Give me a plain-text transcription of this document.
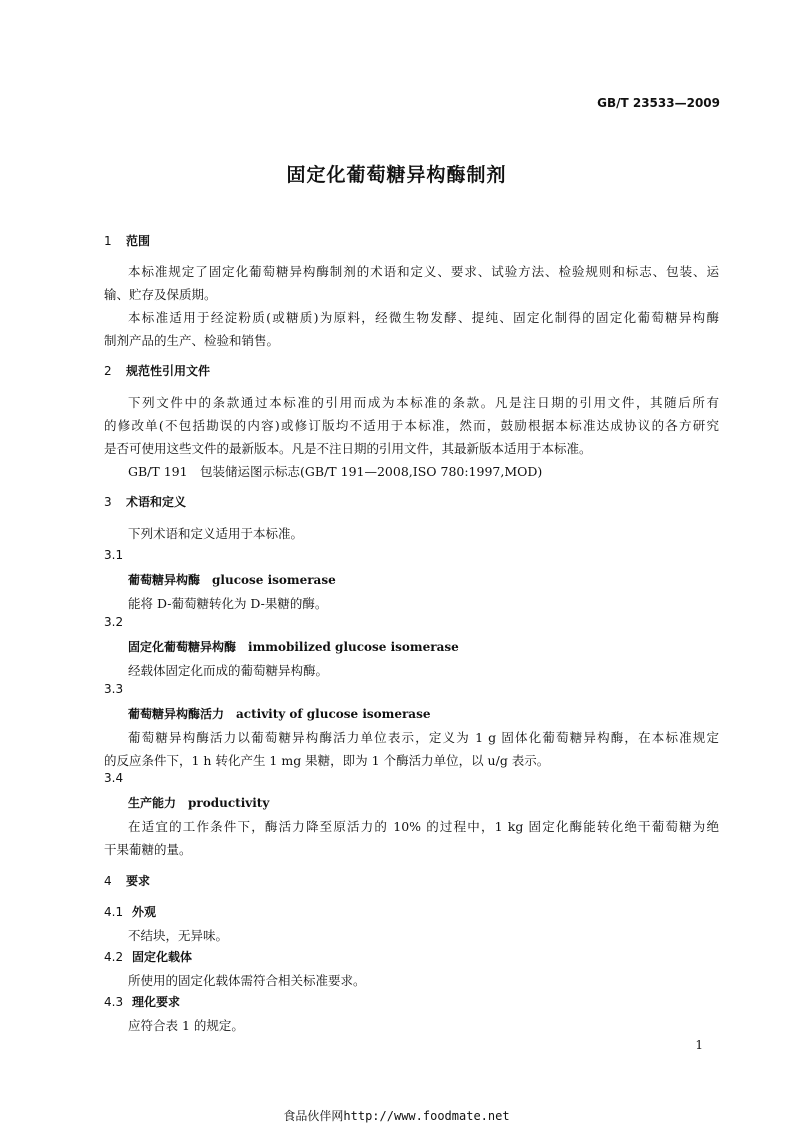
GB/T 23533—2009
固定化葡萄糖异构酶制剂
1 范围
本标准规定了固定化葡萄糖异构酶制剂的术语和定义、要求、试验方法、检验规则和标志、包装、运
输、贮存及保质期。
本标准适用于经淀粉质(或糖质)为原料，经微生物发酵、提纯、固定化制得的固定化葡萄糖异构酶
制剂产品的生产、检验和销售。
2 规范性引用文件
下列文件中的条款通过本标准的引用而成为本标准的条款。凡是注日期的引用文件，其随后所有
的修改单(不包括勘误的内容)或修订版均不适用于本标准，然而，鼓励根据本标准达成协议的各方研究
是否可使用这些文件的最新版本。凡是不注日期的引用文件，其最新版本适用于本标准。
GB/T 191　包装储运图示标志(GB/T 191—2008,ISO 780:1997,MOD)
3 术语和定义
下列术语和定义适用于本标准。
3.1
葡萄糖异构酶 glucose isomerase
能将 D-葡萄糖转化为 D-果糖的酶。
3.2
固定化葡萄糖异构酶 immobilized glucose isomerase
经载体固定化而成的葡萄糖异构酶。
3.3
葡萄糖异构酶活力 activity of glucose isomerase
葡萄糖异构酶活力以葡萄糖异构酶活力单位表示，定义为 1 g 固体化葡萄糖异构酶，在本标准规定
的反应条件下，1 h 转化产生 1 mg 果糖，即为 1 个酶活力单位，以 u/g 表示。
3.4
生产能力 productivity
在适宜的工作条件下，酶活力降至原活力的 10% 的过程中，1 kg 固定化酶能转化绝干葡萄糖为绝
干果葡糖的量。
4 要求
4.1 外观
不结块，无异味。
4.2 固定化载体
所使用的固定化载体需符合相关标准要求。
4.3 理化要求
应符合表 1 的规定。
1
食品伙伴网http://www.foodmate.net
